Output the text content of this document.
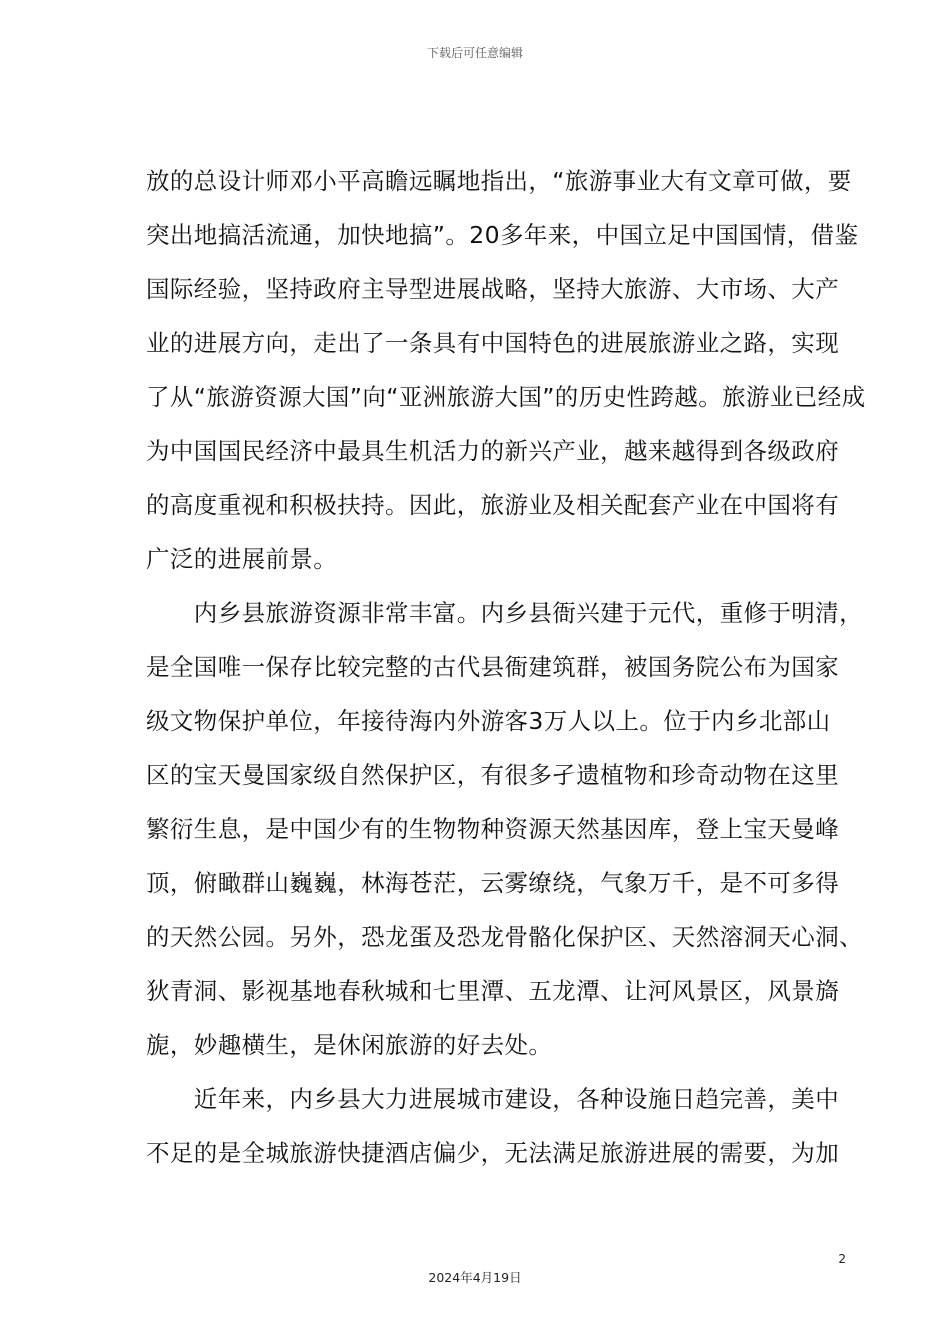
下载后可任意编辑
放的总设计师邓小平高瞻远瞩地指出，“旅游事业大有文章可做，要
突出地搞活流通，加快地搞”。20多年来，中国立足中国国情，借鉴
国际经验，坚持政府主导型进展战略，坚持大旅游、大市场、大产
业的进展方向，走出了一条具有中国特色的进展旅游业之路，实现
了从“旅游资源大国”向“亚洲旅游大国”的历史性跨越。旅游业已经成
为中国国民经济中最具生机活力的新兴产业，越来越得到各级政府
的高度重视和积极扶持。因此，旅游业及相关配套产业在中国将有
广泛的进展前景。
　　内乡县旅游资源非常丰富。内乡县衙兴建于元代，重修于明清，
是全国唯一保存比较完整的古代县衙建筑群，被国务院公布为国家
级文物保护单位，年接待海内外游客3万人以上。位于内乡北部山
区的宝天曼国家级自然保护区，有很多孑遗植物和珍奇动物在这里
繁衍生息，是中国少有的生物物种资源天然基因库，登上宝天曼峰
顶，俯瞰群山巍巍，林海苍茫，云雾缭绕，气象万千，是不可多得
的天然公园。另外，恐龙蛋及恐龙骨骼化保护区、天然溶洞天心洞、
狄青洞、影视基地春秋城和七里潭、五龙潭、让河风景区，风景旖
旎，妙趣横生，是休闲旅游的好去处。
　　近年来，内乡县大力进展城市建设，各种设施日趋完善，美中
不足的是全城旅游快捷酒店偏少，无法满足旅游进展的需要，为加
2
2024年4月19日
